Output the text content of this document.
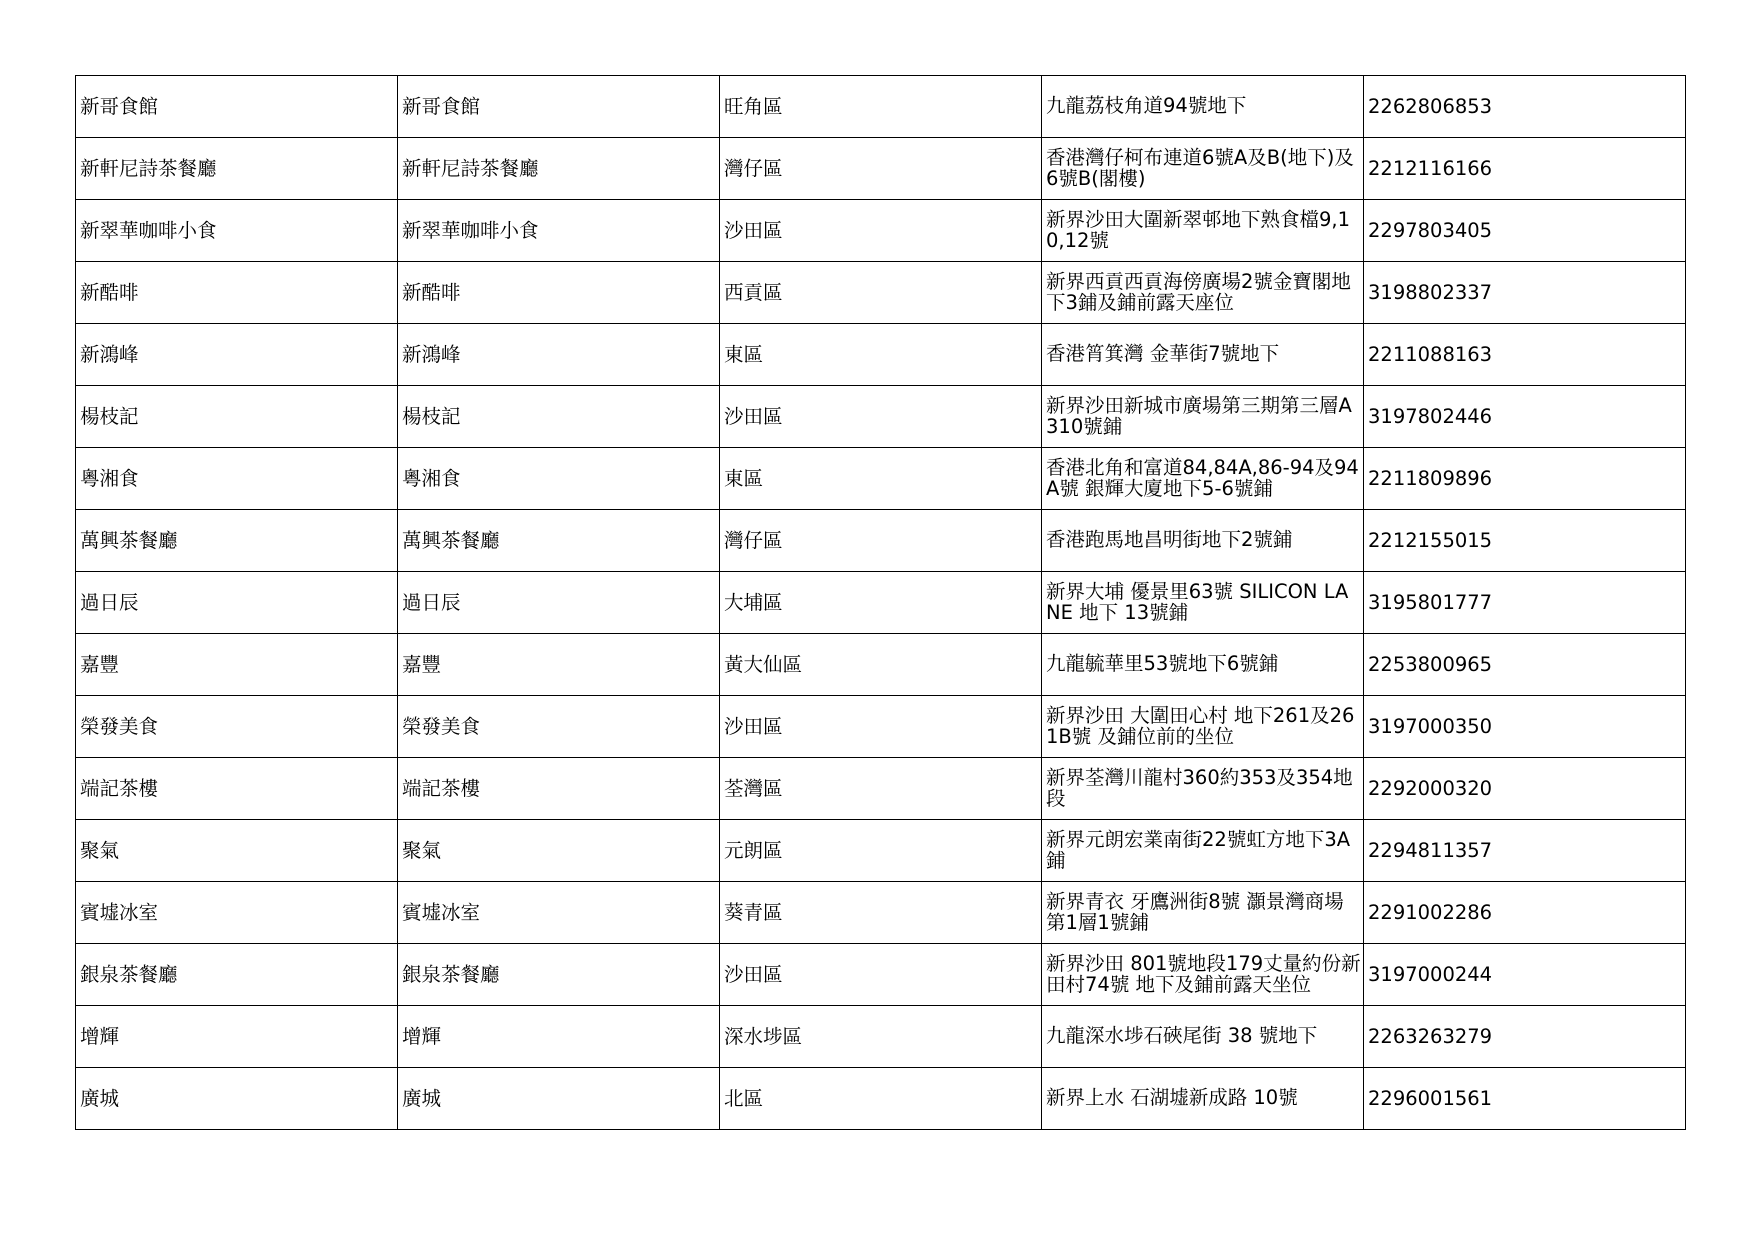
新哥食館	新哥食館	旺角區	九龍荔枝角道94號地下	2262806853
新軒尼詩茶餐廳	新軒尼詩茶餐廳	灣仔區	香港灣仔柯布連道6號A及B(地下)及6號B(閣樓)	2212116166
新翠華咖啡小食	新翠華咖啡小食	沙田區	新界沙田大圍新翠邨地下熟食檔9,10,12號	2297803405
新酷啡	新酷啡	西貢區	新界西貢西貢海傍廣場2號金寶閣地下3鋪及鋪前露天座位	3198802337
新鴻峰	新鴻峰	東區	香港筲箕灣 金華街7號地下	2211088163
楊枝記	楊枝記	沙田區	新界沙田新城市廣場第三期第三層A310號鋪	3197802446
粵湘食	粵湘食	東區	香港北角和富道84,84A,86-94及94A號 銀輝大廈地下5-6號鋪	2211809896
萬興茶餐廳	萬興茶餐廳	灣仔區	香港跑馬地昌明街地下2號鋪	2212155015
過日辰	過日辰	大埔區	新界大埔 優景里63號 SILICON LANE 地下 13號鋪	3195801777
嘉豐	嘉豐	黃大仙區	九龍毓華里53號地下6號鋪	2253800965
榮發美食	榮發美食	沙田區	新界沙田 大圍田心村 地下261及261B號 及鋪位前的坐位	3197000350
端記茶樓	端記茶樓	荃灣區	新界荃灣川龍村360約353及354地段	2292000320
聚氣	聚氣	元朗區	新界元朗宏業南街22號虹方地下3A鋪	2294811357
賓墟冰室	賓墟冰室	葵青區	新界青衣 牙鷹洲街8號 灝景灣商場第1層1號鋪	2291002286
銀泉茶餐廳	銀泉茶餐廳	沙田區	新界沙田 801號地段179丈量約份新田村74號 地下及鋪前露天坐位	3197000244
增輝	增輝	深水埗區	九龍深水埗石硤尾街 38 號地下	2263263279
廣城	廣城	北區	新界上水 石湖墟新成路 10號	2296001561
